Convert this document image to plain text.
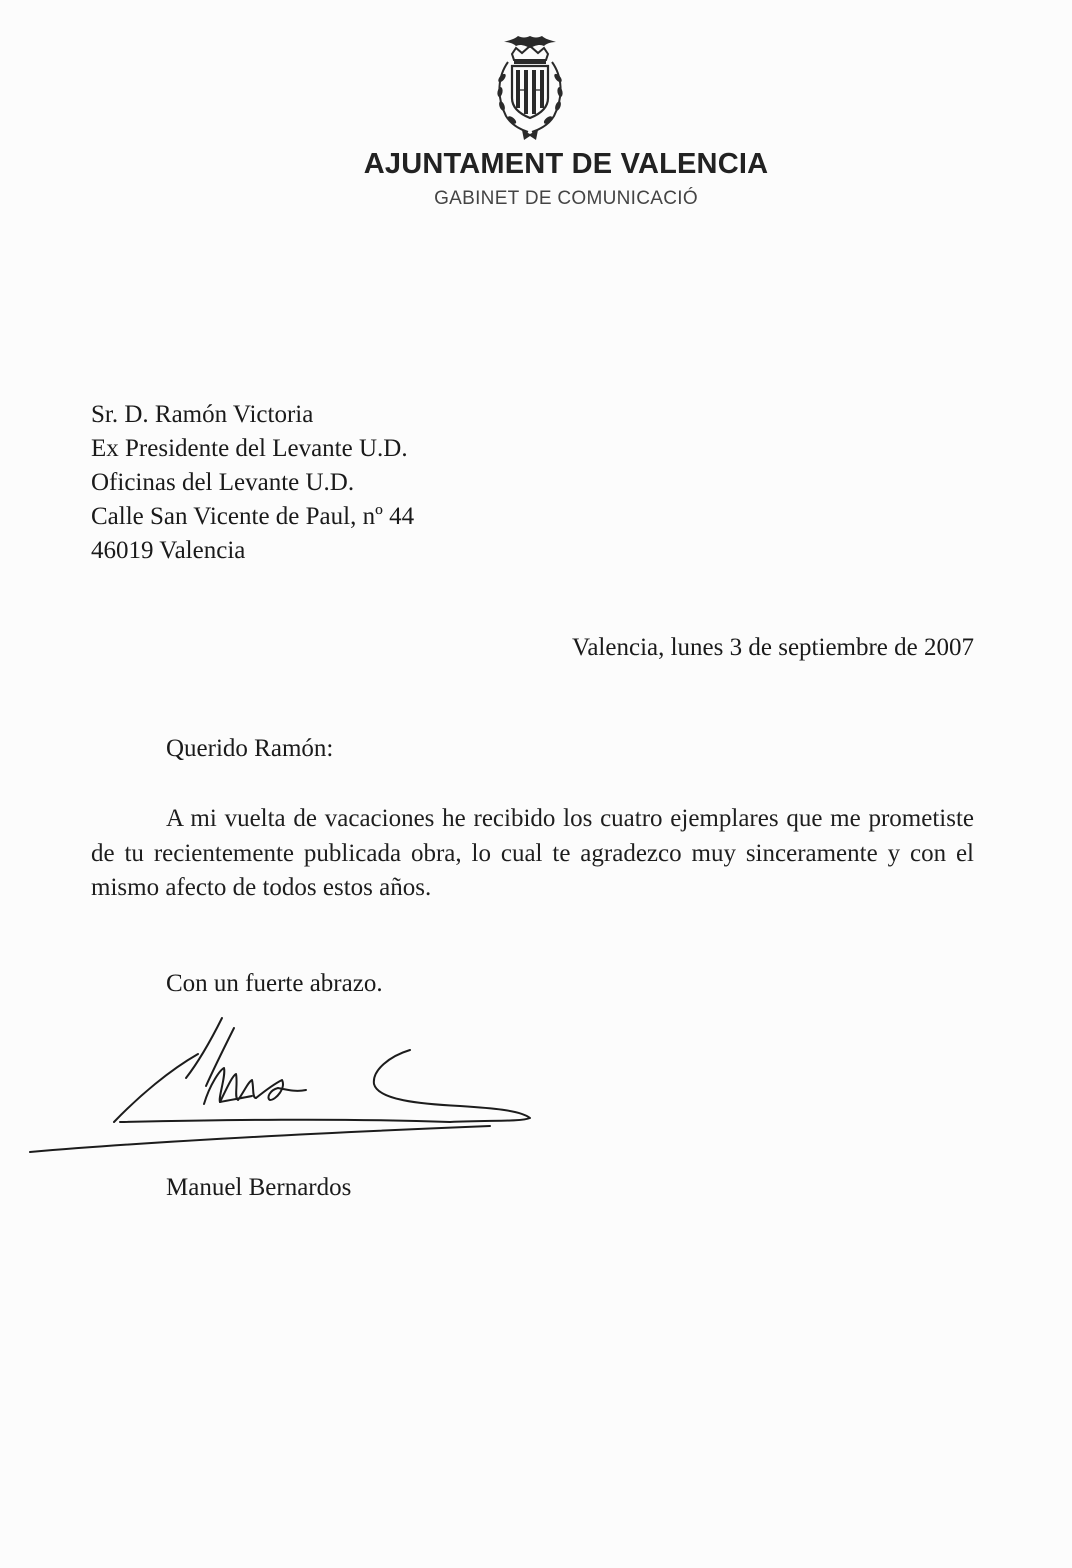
AJUNTAMENT DE VALENCIA
GABINET DE COMUNICACIÓ
Sr. D. Ramón Victoria
Ex Presidente del Levante U.D.
Oficinas del Levante U.D.
Calle San Vicente de Paul, nº 44
46019 Valencia
Valencia, lunes 3 de septiembre de 2007
Querido Ramón:
A mi vuelta de vacaciones he recibido los cuatro ejemplares que me prometiste de tu recientemente publicada obra, lo cual te agradezco muy sinceramente y con el mismo afecto de todos estos años.
Con un fuerte abrazo.
Manuel Bernardos
